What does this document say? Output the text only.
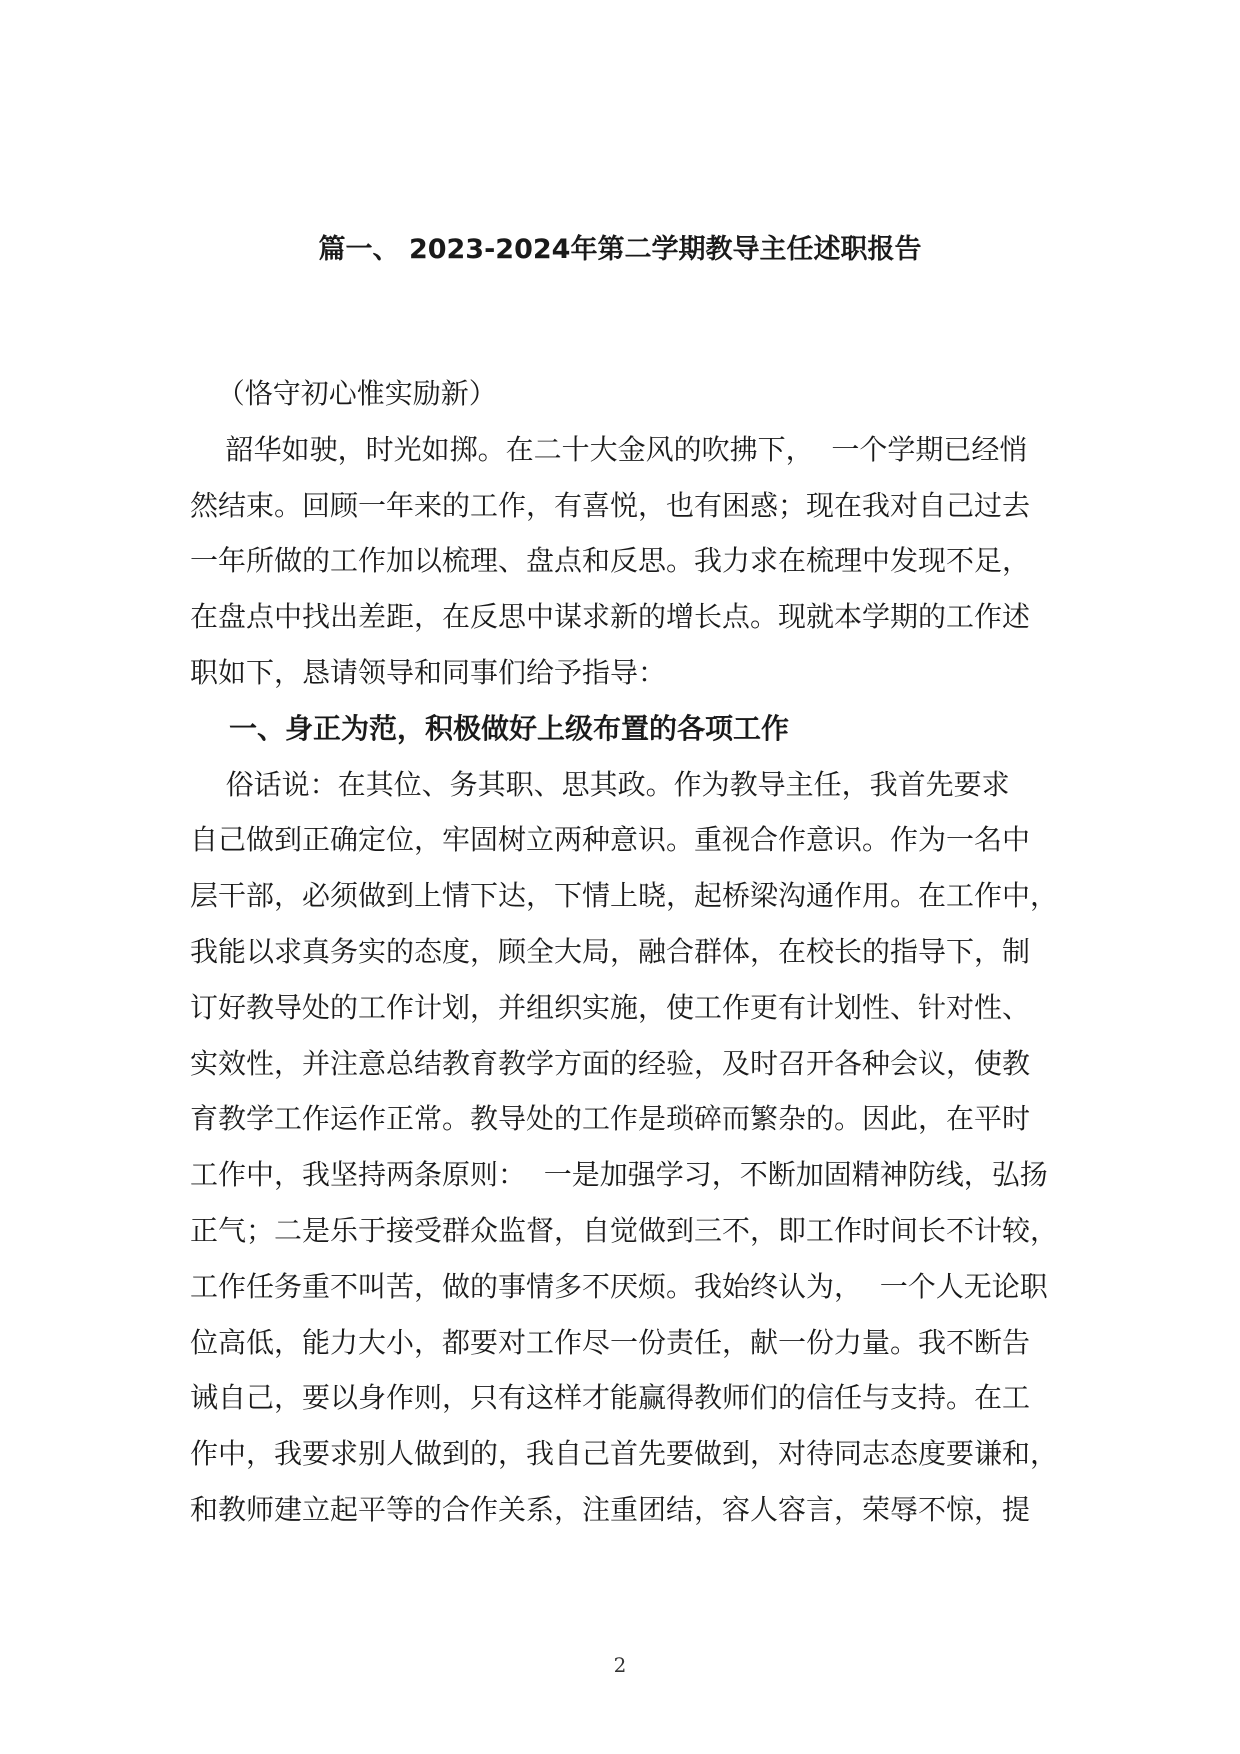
篇一、 2023-2024年第二学期教导主任述职报告
（恪守初心惟实励新）
韶华如驶，时光如掷。在二十大金风的吹拂下，  一个学期已经悄
然结束。回顾一年来的工作，有喜悦，也有困惑；现在我对自己过去
一年所做的工作加以梳理、盘点和反思。我力求在梳理中发现不足，
在盘点中找出差距，在反思中谋求新的增长点。现就本学期的工作述
职如下，恳请领导和同事们给予指导：
一、身正为范，积极做好上级布置的各项工作
俗话说：在其位、务其职、思其政。作为教导主任，我首先要求
自己做到正确定位，牢固树立两种意识。重视合作意识。作为一名中
层干部，必须做到上情下达，下情上晓，起桥梁沟通作用。在工作中，
我能以求真务实的态度，顾全大局，融合群体，在校长的指导下，制
订好教导处的工作计划，并组织实施，使工作更有计划性、针对性、
实效性，并注意总结教育教学方面的经验，及时召开各种会议，使教
育教学工作运作正常。教导处的工作是琐碎而繁杂的。因此，在平时
工作中，我坚持两条原则：  一是加强学习，不断加固精神防线，弘扬
正气；二是乐于接受群众监督，自觉做到三不，即工作时间长不计较，
工作任务重不叫苦，做的事情多不厌烦。我始终认为，  一个人无论职
位高低，能力大小，都要对工作尽一份责任，献一份力量。我不断告
诫自己，要以身作则，只有这样才能赢得教师们的信任与支持。在工
作中，我要求别人做到的，我自己首先要做到，对待同志态度要谦和，
和教师建立起平等的合作关系，注重团结，容人容言，荣辱不惊，提
2
